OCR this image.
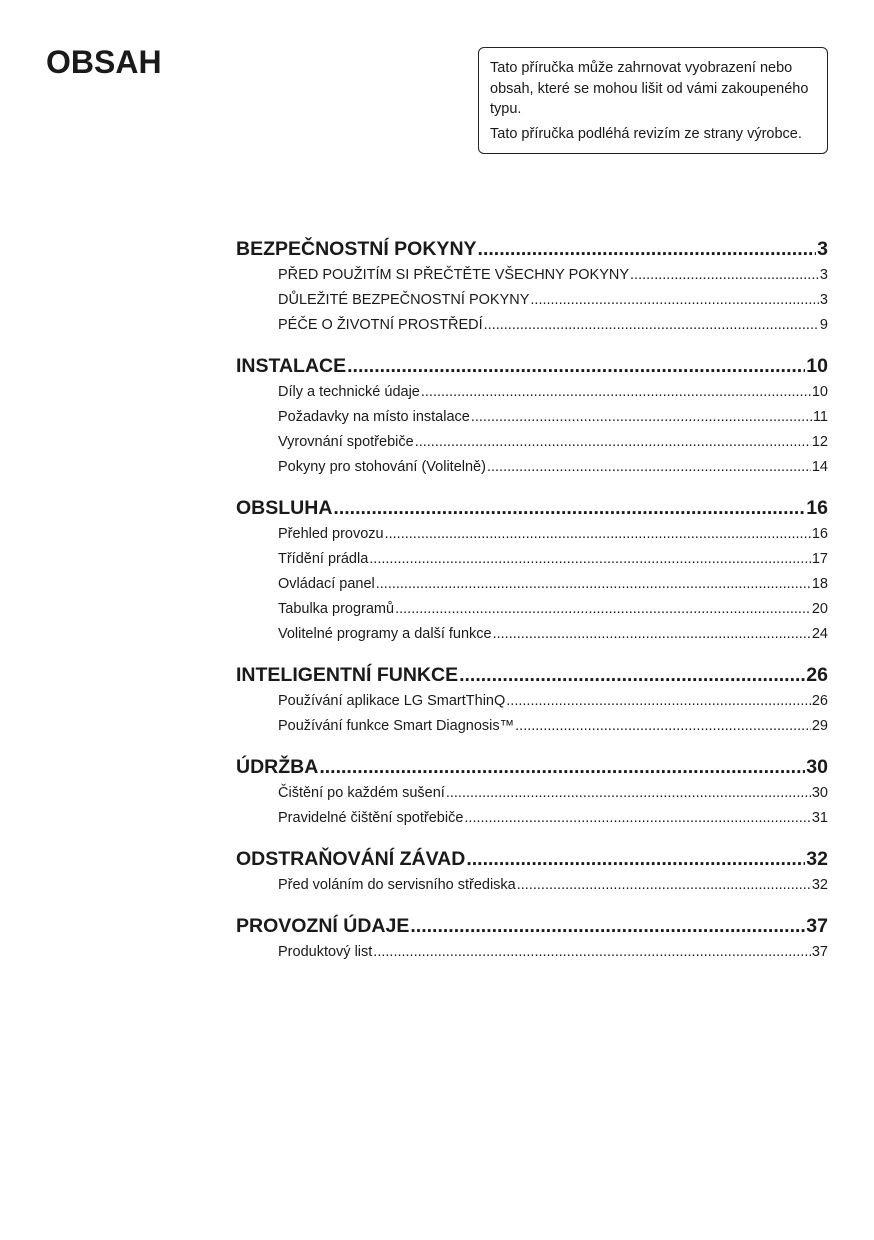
OBSAH	Tato příručka může zahrnovat vyobrazení nebo obsah, které se mohou lišit od vámi zakoupeného typu.

Tato příručka podléhá revizím ze strany výrobce.

BEZPEČNOSTNÍ POKYNY .....	3
PŘED POUŽITÍM SI PŘEČTĚTE VŠECHNY POKYNY .....	3
DŮLEŽITÉ BEZPEČNOSTNÍ POKYNY .....	3
PÉČE O ŽIVOTNÍ PROSTŘEDÍ .....	9
INSTALACE .....	10
Díly a technické údaje .....	10
Požadavky na místo instalace .....	11
Vyrovnání spotřebiče .....	12
Pokyny pro stohování (Volitelně) .....	14
OBSLUHA .....	16
Přehled provozu .....	16
Třídění prádla .....	17
Ovládací panel .....	18
Tabulka programů .....	20
Volitelné programy a další funkce .....	24
INTELIGENTNÍ FUNKCE .....	26
Používání aplikace LG SmartThinQ .....	26
Používání funkce Smart Diagnosis™ .....	29
ÚDRŽBA .....	30
Čištění po každém sušení .....	30
Pravidelné čištění spotřebiče .....	31
ODSTRAŇOVÁNÍ ZÁVAD .....	32
Před voláním do servisního střediska .....	32
PROVOZNÍ ÚDAJE .....	37
Produktový list .....	37
